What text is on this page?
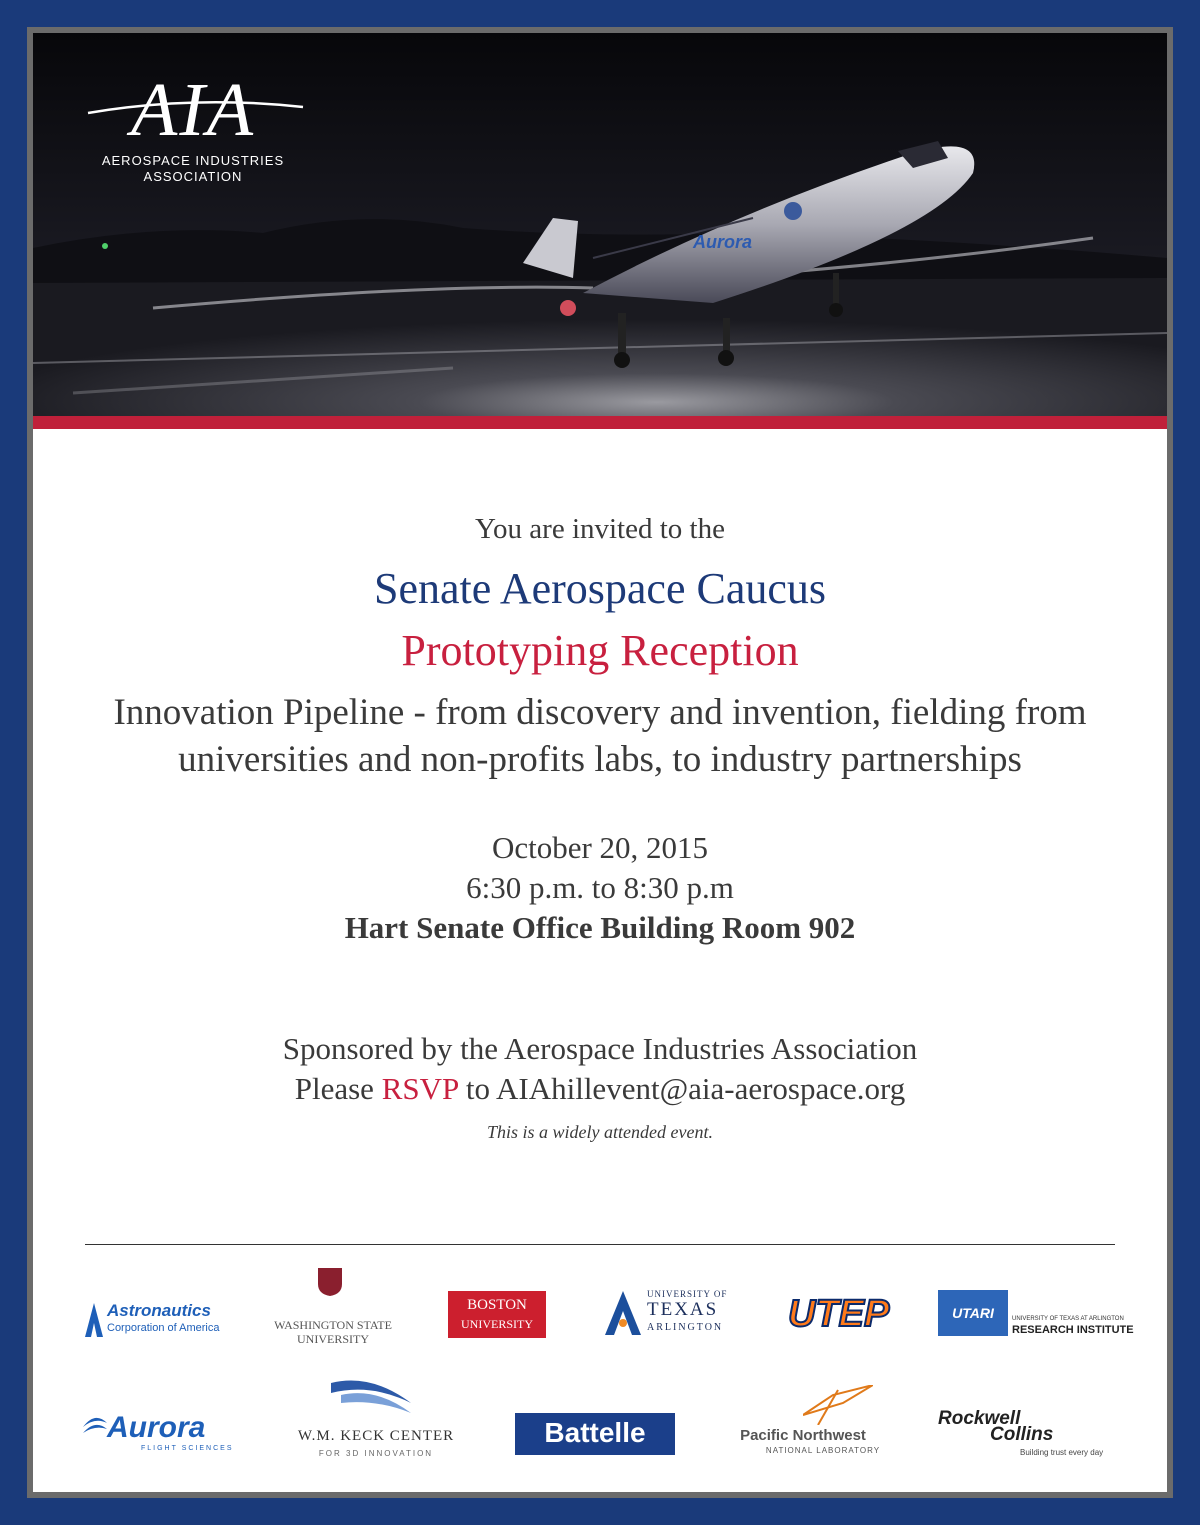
Aurora
AIA
AEROSPACE INDUSTRIES
ASSOCIATION
You are invited to the
Senate Aerospace Caucus
Prototyping Reception
Innovation Pipeline - from discovery and invention, fielding from
universities and non-profits labs, to industry partnerships
October 20, 2015
6:30 p.m. to 8:30 p.m
Hart Senate Office Building Room 902
Sponsored by the Aerospace Industries Association
Please RSVP to AIAhillevent@aia-aerospace.org
This is a widely attended event.
Astronautics
Corporation of America	WASHINGTON STATE
UNIVERSITY
BOSTON
UNIVERSITY
UNIVERSITY OF
TEXAS
ARLINGTON UTEP	UTARI	UNIVERSITY OF TEXAS AT ARLINGTON
RESEARCH INSTITUTE
Aurora
FLIGHT SCIENCES
W.M. KECK CENTER
FOR 3D INNOVATION
Battelle	Pacific Northwest
NATIONAL LABORATORY
Rockwell
Collins
Building trust every day
